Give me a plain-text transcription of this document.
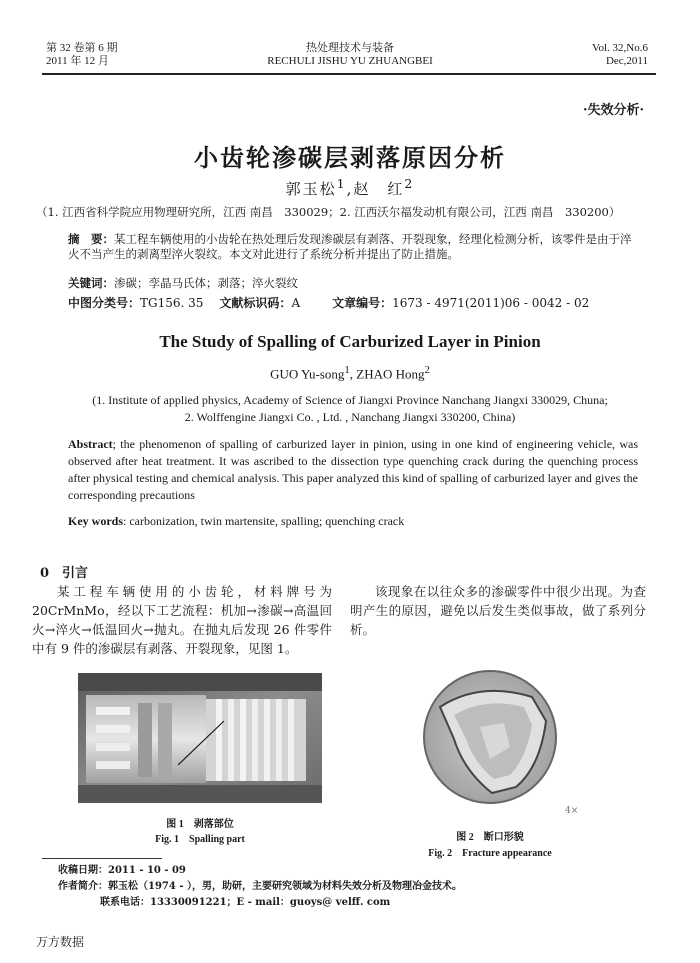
第 32 卷第 6 期
2011 年 12 月
热处理技术与装备
RECHULI JISHU YU ZHUANGBEI
Vol. 32,No.6
Dec,2011
·失效分析·
小齿轮渗碳层剥落原因分析
郭玉松$^1$,赵　红$^2$
（1. 江西省科学院应用物理研究所，江西 南昌　330029；2. 江西沃尔福发动机有限公司，江西 南昌　330200）
摘　要：某工程车辆使用的小齿轮在热处理后发现渗碳层有剥落、开裂现象，经理化检测分析，该零件是由于淬火不当产生的剥离型淬火裂纹。本文对此进行了系统分析并提出了防止措施。
关键词：渗碳；孪晶马氏体；剥落；淬火裂纹
中图分类号：TG156. 35 文献标识码：A	文章编号：1673 - 4971(2011)06 - 0042 - 02
The Study of Spalling of Carburized Layer in Pinion
GUO Yu-song$^1$, ZHAO Hong$^2$
(1. Institute of applied physics, Academy of Science of Jiangxi Province Nanchang Jiangxi 330029, Chuna;
2. Wolffengine Jiangxi Co. , Ltd. , Nanchang Jiangxi 330200, China)
Abstract; the phenomenon of spalling of carburized layer in pinion, using in one kind of engineering vehicle, was observed after heat treatment. It was ascribed to the dissection type quenching crack during the quenching process after physical testing and chemical analysis. This paper analyzed this kind of spalling of carburized layer and gives the corresponding precautions
Key words: carbonization, twin martensite, spalling; quenching crack
0　引言

某工程车辆使用的小齿轮，材料牌号为20CrMnMo，经以下工艺流程：机加→渗碳→高温回火→淬火→低温回火→抛丸。在抛丸后发现 26 件零件中有 9 件的渗碳层有剥落、开裂现象，见图 1。

该现象在以往众多的渗碳零件中很少出现。为查明产生的原因，避免以后发生类似事故，做了系列分析。

图 1　剥落部位
Fig. 1　Spalling part
4×
图 2　断口形貌
Fig. 2　Fracture appearance
收稿日期：2011 - 10 - 09
作者简介：郭玉松（1974 - ），男，助研，主要研究领域为材料失效分析及物理冶金技术。
联系电话：13330091221；E - mail：guoys@ velff. com
万方数据
